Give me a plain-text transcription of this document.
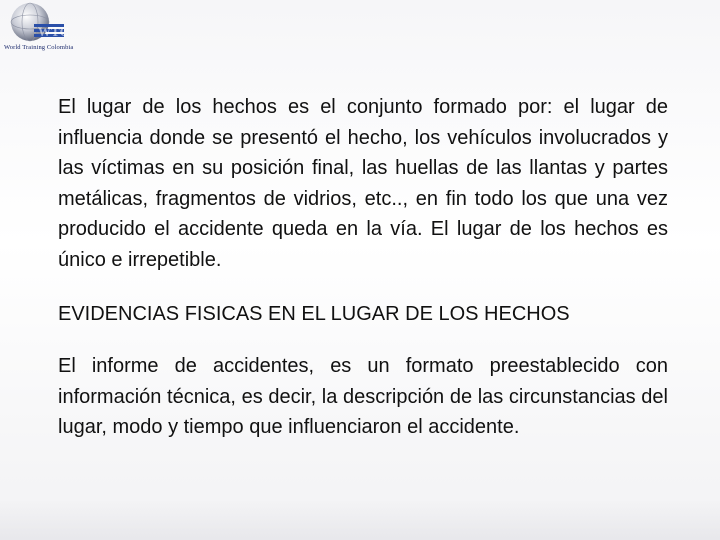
WTC
World Training Colombia

El lugar de los hechos es el conjunto formado por: el lugar de influencia donde se presentó el hecho, los vehículos involucrados y las víctimas en su posición final, las huellas de las llantas y partes metálicas, fragmentos de vidrios, etc.., en fin todo los que una vez producido el accidente queda en la vía. El lugar de los hechos es único e irrepetible.

EVIDENCIAS FISICAS EN EL LUGAR DE LOS HECHOS

El informe de accidentes, es un formato preestablecido con información técnica, es decir, la descripción de las circunstancias del lugar, modo y tiempo que influenciaron el accidente.
